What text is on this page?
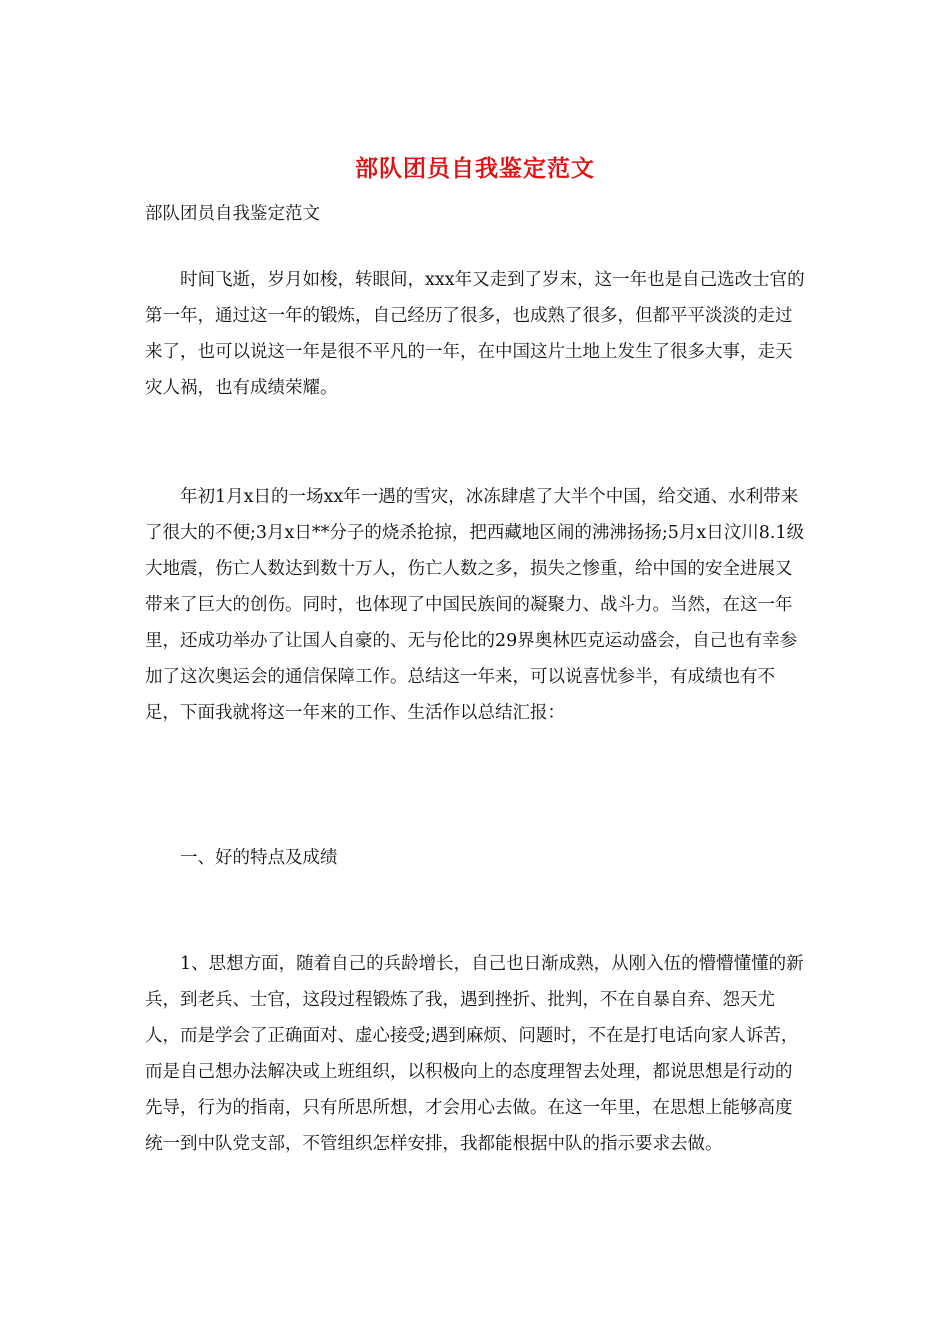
部队团员自我鉴定范文

部队团员自我鉴定范文

时间飞逝，岁月如梭，转眼间，xxx年又走到了岁末，这一年也是自己选改士官的第一年，通过这一年的锻炼，自己经历了很多，也成熟了很多，但都平平淡淡的走过来了，也可以说这一年是很不平凡的一年，在中国这片土地上发生了很多大事，走天灾人祸，也有成绩荣耀。

年初1月x日的一场xx年一遇的雪灾，冰冻肆虐了大半个中国，给交通、水利带来了很大的不便;3月x日**分子的烧杀抢掠，把西藏地区闹的沸沸扬扬;5月x日汶川8.1级大地震，伤亡人数达到数十万人，伤亡人数之多，损失之惨重，给中国的安全进展又带来了巨大的创伤。同时，也体现了中国民族间的凝聚力、战斗力。当然，在这一年里，还成功举办了让国人自豪的、无与伦比的29界奥林匹克运动盛会，自己也有幸参加了这次奥运会的通信保障工作。总结这一年来，可以说喜忧参半，有成绩也有不足，下面我就将这一年来的工作、生活作以总结汇报：

一、好的特点及成绩

1、思想方面，随着自己的兵龄增长，自己也日渐成熟，从刚入伍的懵懵懂懂的新兵，到老兵、士官，这段过程锻炼了我，遇到挫折、批判，不在自暴自弃、怨天尤人，而是学会了正确面对、虚心接受;遇到麻烦、问题时，不在是打电话向家人诉苦，而是自己想办法解决或上班组织，以积极向上的态度理智去处理，都说思想是行动的先导，行为的指南，只有所思所想，才会用心去做。在这一年里，在思想上能够高度统一到中队党支部，不管组织怎样安排，我都能根据中队的指示要求去做。
